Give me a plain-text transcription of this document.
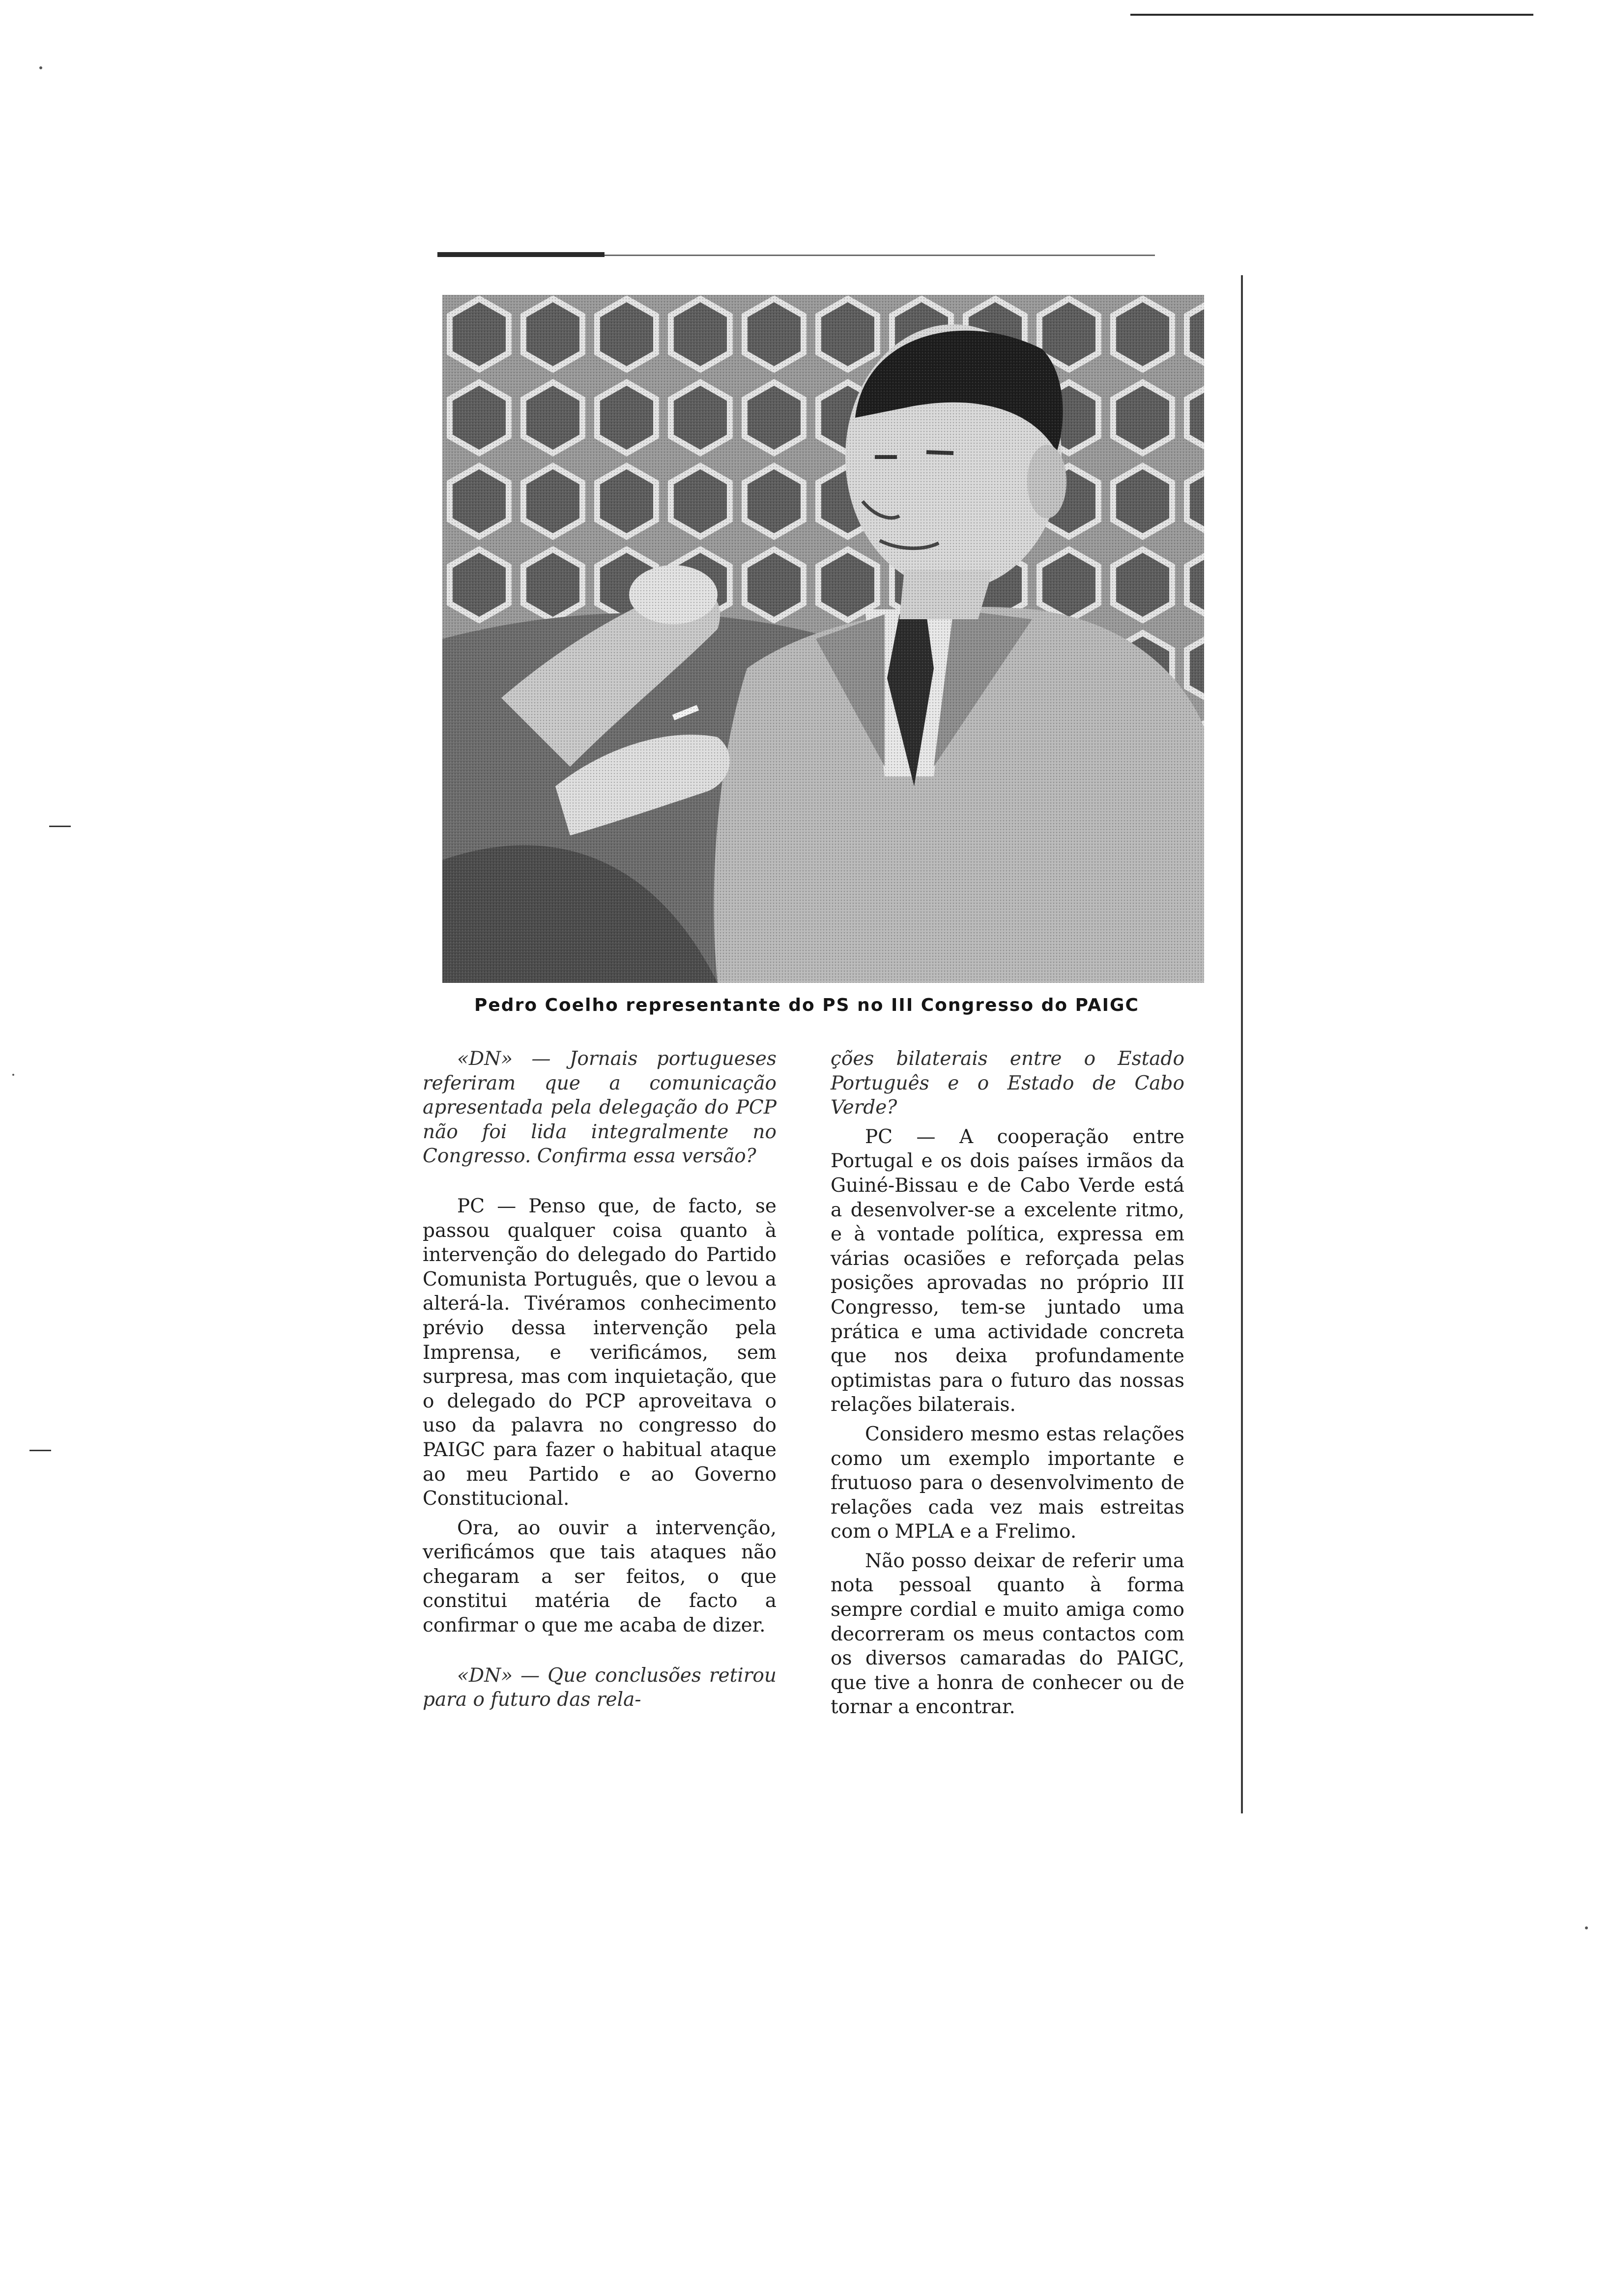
Pedro Coelho representante do PS no III Congresso do PAIGC

«DN» — Jornais portugueses referiram que a comunicação apresentada pela delegação do PCP não foi lida integralmente no Congresso. Confirma essa versão?

PC — Penso que, de facto, se passou qualquer coisa quanto à intervenção do delegado do Partido Comunista Português, que o levou a alterá-la. Tivéramos conhecimento prévio dessa intervenção pela Imprensa, e verificámos, sem surpresa, mas com inquietação, que o delegado do PCP aproveitava o uso da palavra no congresso do PAIGC para fazer o habitual ataque ao meu Partido e ao Governo Constitucional.

Ora, ao ouvir a intervenção, verificámos que tais ataques não chegaram a ser feitos, o que constitui matéria de facto a confirmar o que me acaba de dizer.

«DN» — Que conclusões retirou para o futuro das rela-

ções bilaterais entre o Estado Português e o Estado de Cabo Verde?

PC — A cooperação entre Portugal e os dois países irmãos da Guiné-Bissau e de Cabo Verde está a desenvolver-se a excelente ritmo, e à vontade política, expressa em várias ocasiões e reforçada pelas posições aprovadas no próprio III Congresso, tem-se juntado uma prática e uma actividade concreta que nos deixa profundamente optimistas para o futuro das nossas relações bilaterais.

Considero mesmo estas relações como um exemplo importante e frutuoso para o desenvolvimento de relações cada vez mais estreitas com o MPLA e a Frelimo.

Não posso deixar de referir uma nota pessoal quanto à forma sempre cordial e muito amiga como decorreram os meus contactos com os diversos camaradas do PAIGC, que tive a honra de conhecer ou de tornar a encontrar.
